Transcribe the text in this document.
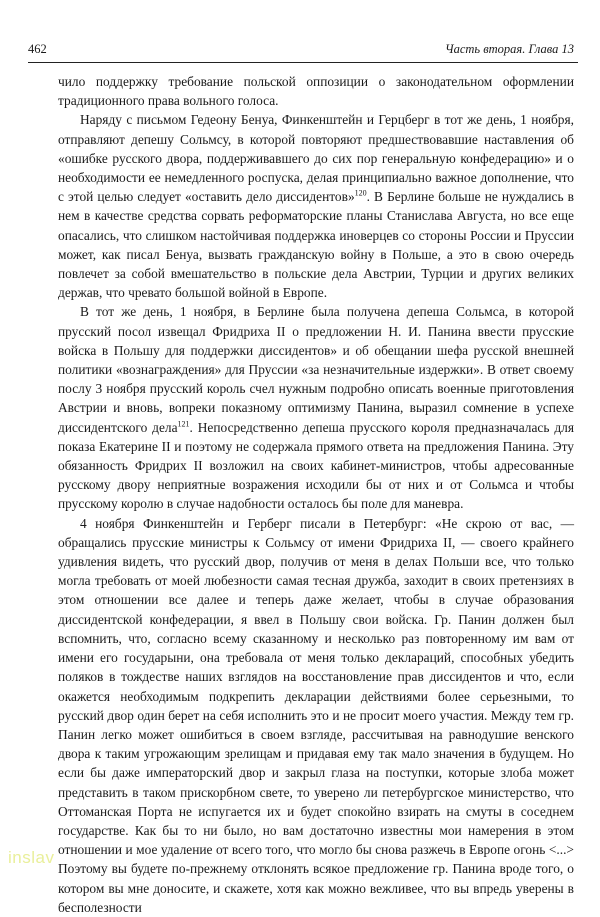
462	Часть вторая. Глава 13

чило поддержку требование польской оппозиции о законодательном оформлении традиционного права вольного голоса.

Наряду с письмом Гедеону Бенуа, Финкенштейн и Герцберг в тот же день, 1 ноября, отправляют депешу Сольмсу, в которой повторяют предшествовавшие наставления об «ошибке русского двора, поддерживавшего до сих пор генеральную конфедерацию» и о необходимости ее немедленного роспуска, делая принципиально важное дополнение, что с этой целью следует «оставить дело диссидентов»$^{120}$. В Берлине больше не нуждались в нем в качестве средства сорвать реформаторские планы Станислава Августа, но все еще опасались, что слишком настойчивая поддержка иноверцев со стороны России и Пруссии может, как писал Бенуа, вызвать гражданскую войну в Польше, а это в свою очередь повлечет за собой вмешательство в польские дела Австрии, Турции и других великих держав, что чревато большой войной в Европе.

В тот же день, 1 ноября, в Берлине была получена депеша Сольмса, в которой прусский посол извещал Фридриха II о предложении Н. И. Панина ввести прусские войска в Польшу для поддержки диссидентов» и об обещании шефа русской внешней политики «вознаграждения» для Пруссии «за незначительные издержки». В ответ своему послу 3 ноября прусский король счел нужным подробно описать военные приготовления Австрии и вновь, вопреки показному оптимизму Панина, выразил сомнение в успехе диссидентского дела$^{121}$. Непосредственно депеша прусского короля предназначалась для показа Екатерине II и поэтому не содержала прямого ответа на предложения Панина. Эту обязанность Фридрих II возложил на своих кабинет-министров, чтобы адресованные русскому двору неприятные возражения исходили бы от них и от Сольмса и чтобы прусскому королю в случае надобности осталось бы поле для маневра.

4 ноября Финкенштейн и Герберг писали в Петербург: «Не скрою от вас, — обращались прусские министры к Сольмсу от имени Фридриха II, — своего крайнего удивления видеть, что русский двор, получив от меня в делах Польши все, что только могла требовать от моей любезности самая тесная дружба, заходит в своих претензиях в этом отношении все далее и теперь даже желает, чтобы в случае образования диссидентской конфедерации, я ввел в Польшу свои войска. Гр. Панин должен был вспомнить, что, согласно всему сказанному и несколько раз повторенному им вам от имени его государыни, она требовала от меня только деклараций, способных убедить поляков в тождестве наших взглядов на восстановление прав диссидентов и что, если окажется необходимым подкрепить декларации действиями более серьезными, то русский двор один берет на себя исполнить это и не просит моего участия. Между тем гр. Панин легко может ошибиться в своем взгляде, рассчитывая на равнодушие венского двора к таким угрожающим зрелищам и придавая ему так мало значения в будущем. Но если бы даже императорский двор и закрыл глаза на поступки, которые злоба может представить в таком прискорбном свете, то уверено ли петербургское министерство, что Оттоманская Порта не испугается их и будет спокойно взирать на смуты в соседнем государстве. Как бы то ни было, но вам достаточно известны мои намерения в этом отношении и мое удаление от всего того, что могло бы снова разжечь в Европе огонь <...> Поэтому вы будете по-прежнему отклонять всякое предложение гр. Панина вроде того, о котором вы мне доносите, и скажете, хотя как можно вежливее, что вы впредь уверены в бесполезности

inslav
